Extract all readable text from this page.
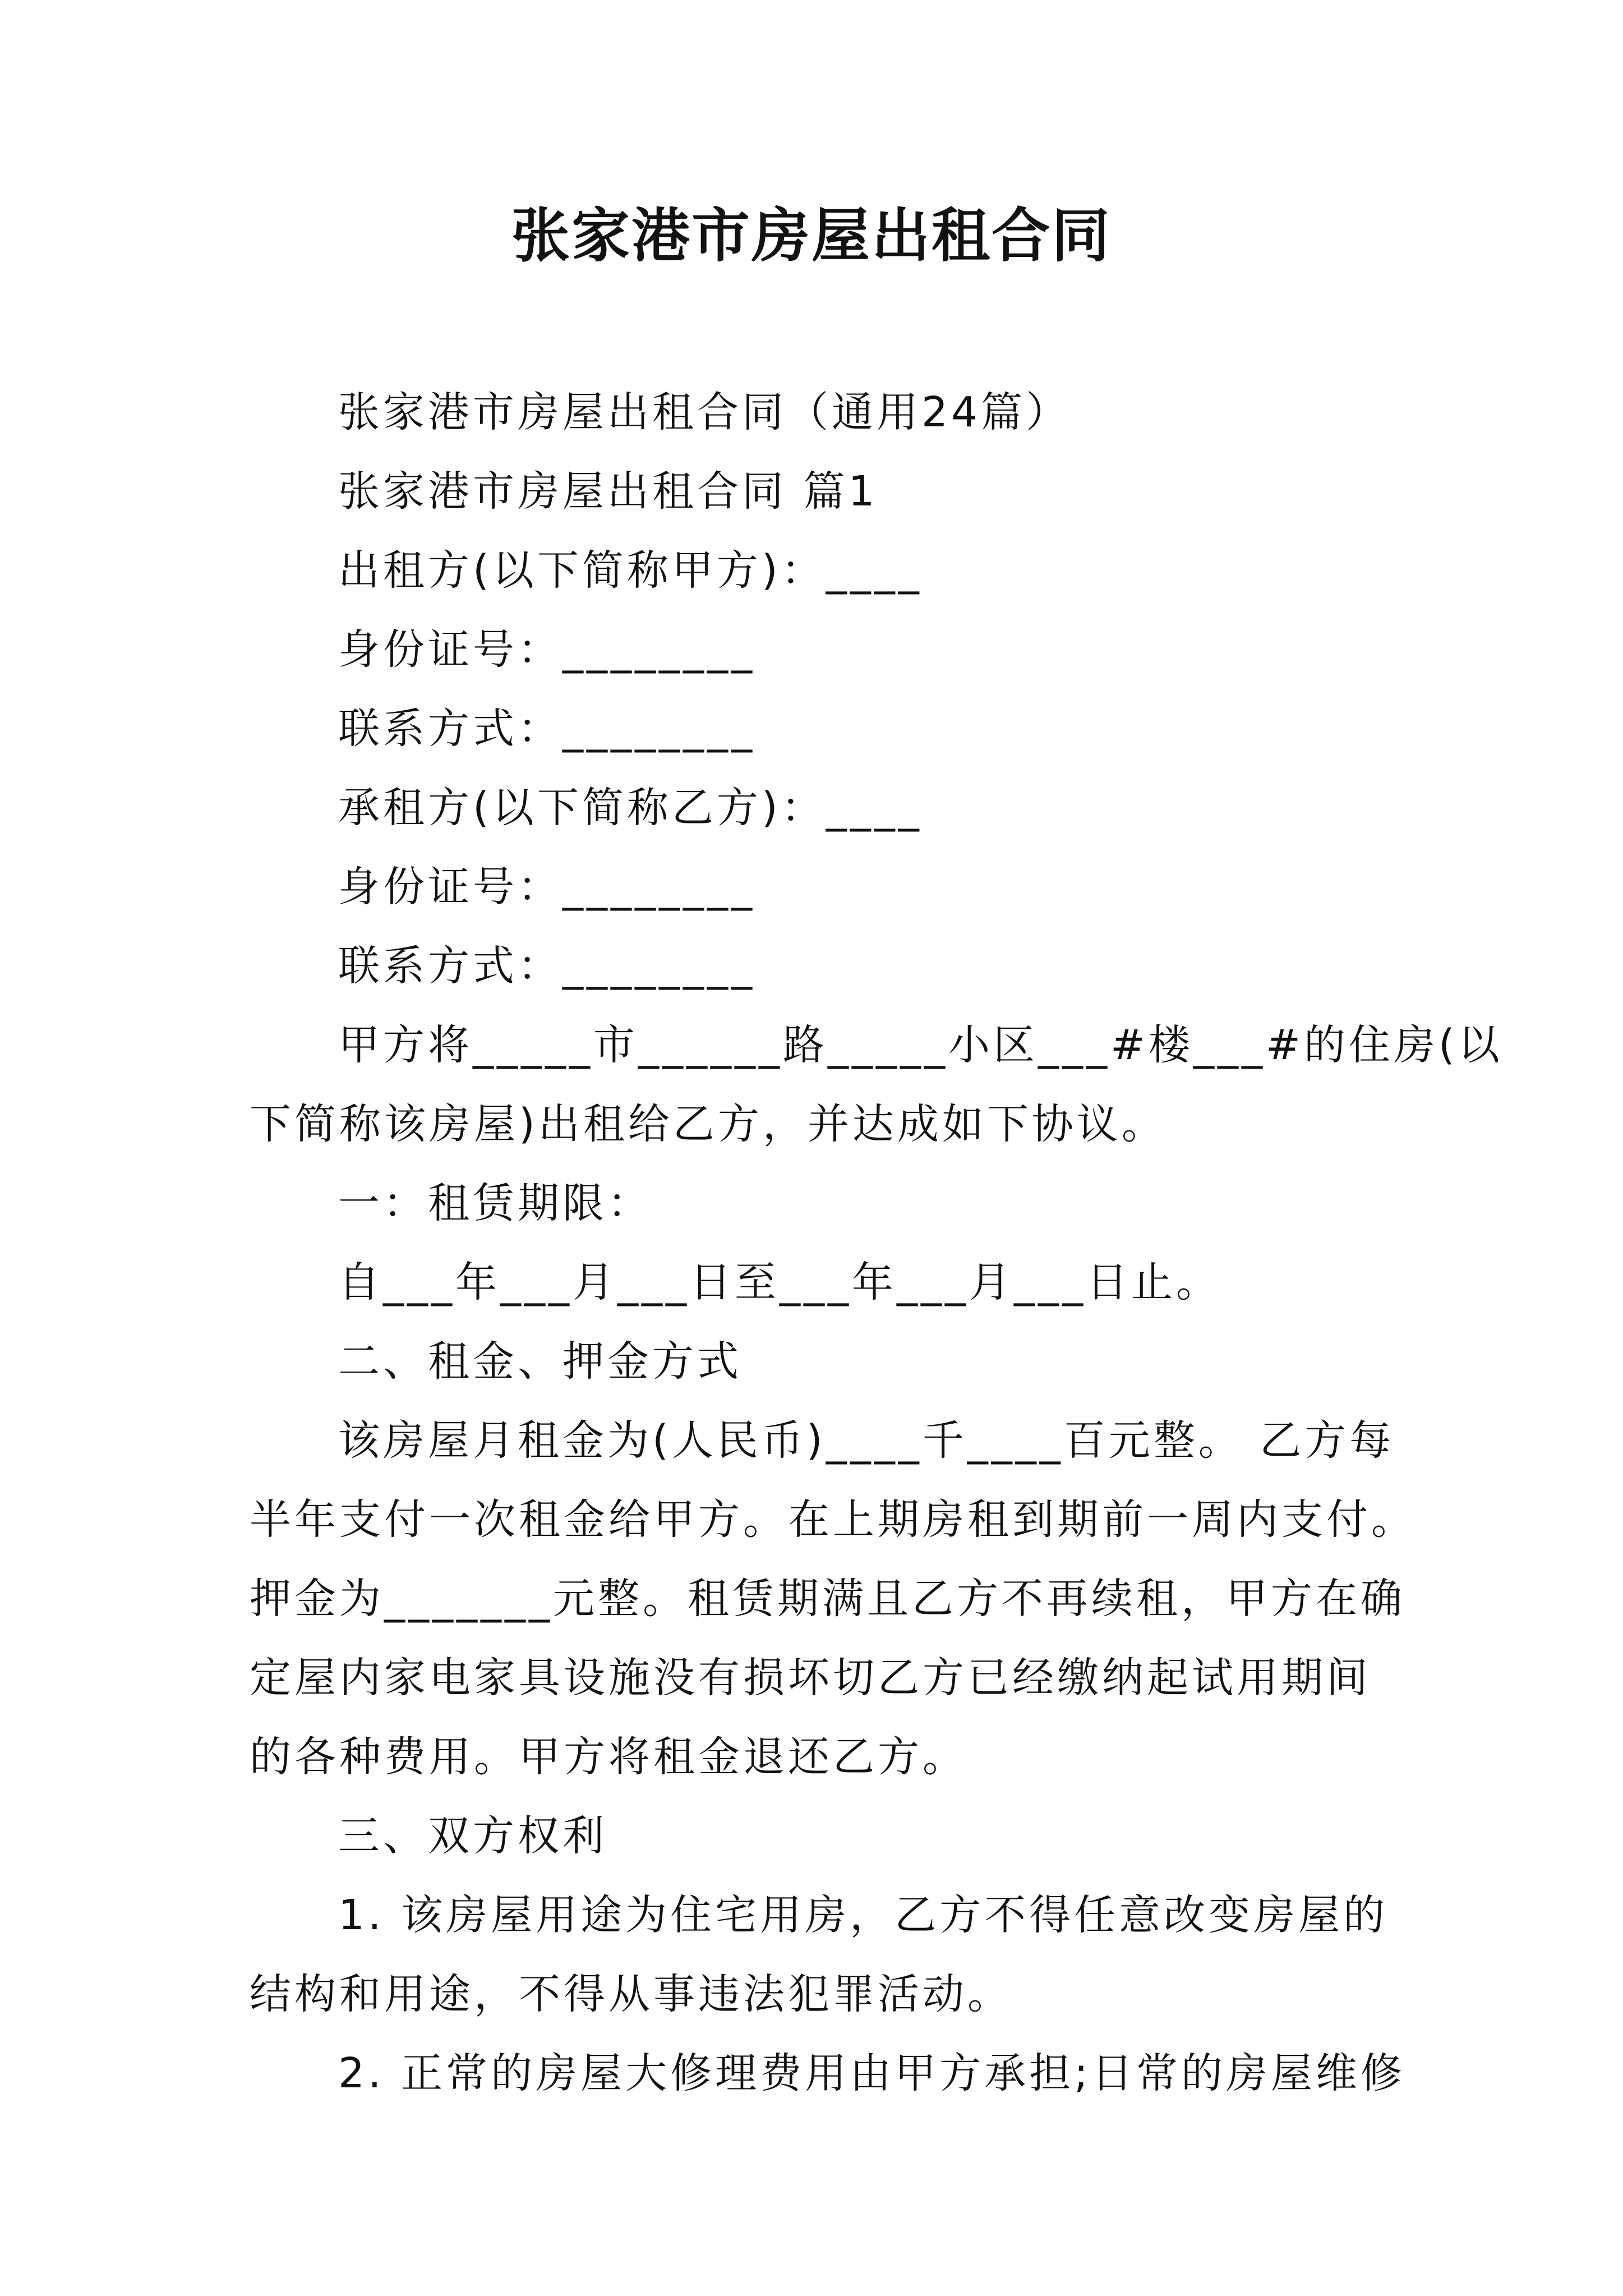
张家港市房屋出租合同
张家港市房屋出租合同（通用24篇）
张家港市房屋出租合同 篇1
出租方(以下简称甲方)：____
身份证号：________
联系方式：________
承租方(以下简称乙方)：____
身份证号：________
联系方式：________
甲方将_____市______路_____小区___#楼___#的住房(以
下简称该房屋)出租给乙方，并达成如下协议。
一：租赁期限：
自___年___月___日至___年___月___日止。
二、租金、押金方式
该房屋月租金为(人民币)____千____百元整。 乙方每
半年支付一次租金给甲方。在上期房租到期前一周内支付。
押金为_______元整。租赁期满且乙方不再续租，甲方在确
定屋内家电家具设施没有损坏切乙方已经缴纳起试用期间
的各种费用。甲方将租金退还乙方。
三、双方权利
1. 该房屋用途为住宅用房，乙方不得任意改变房屋的
结构和用途，不得从事违法犯罪活动。
2. 正常的房屋大修理费用由甲方承担;日常的房屋维修
